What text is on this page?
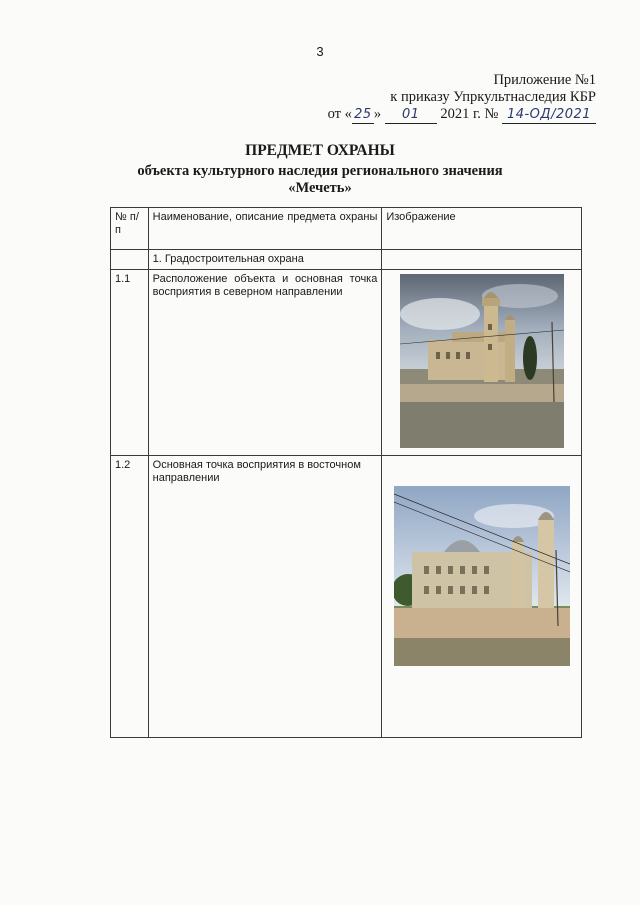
3
Приложение №1
к приказу Упркультнаследия КБР
от « 25 » 01 2021 г. № 14-ОД/2021
ПРЕДМЕТ ОХРАНЫ
объекта культурного наследия регионального значения
«Мечеть»
№ п/п	Наименование, описание предмета охраны	Изображение
	1. Градостроительная охрана	
1.1	Расположение объекта и основная точка восприятия в северном направлении	

1.2	Основная точка восприятия в восточном направлении	
